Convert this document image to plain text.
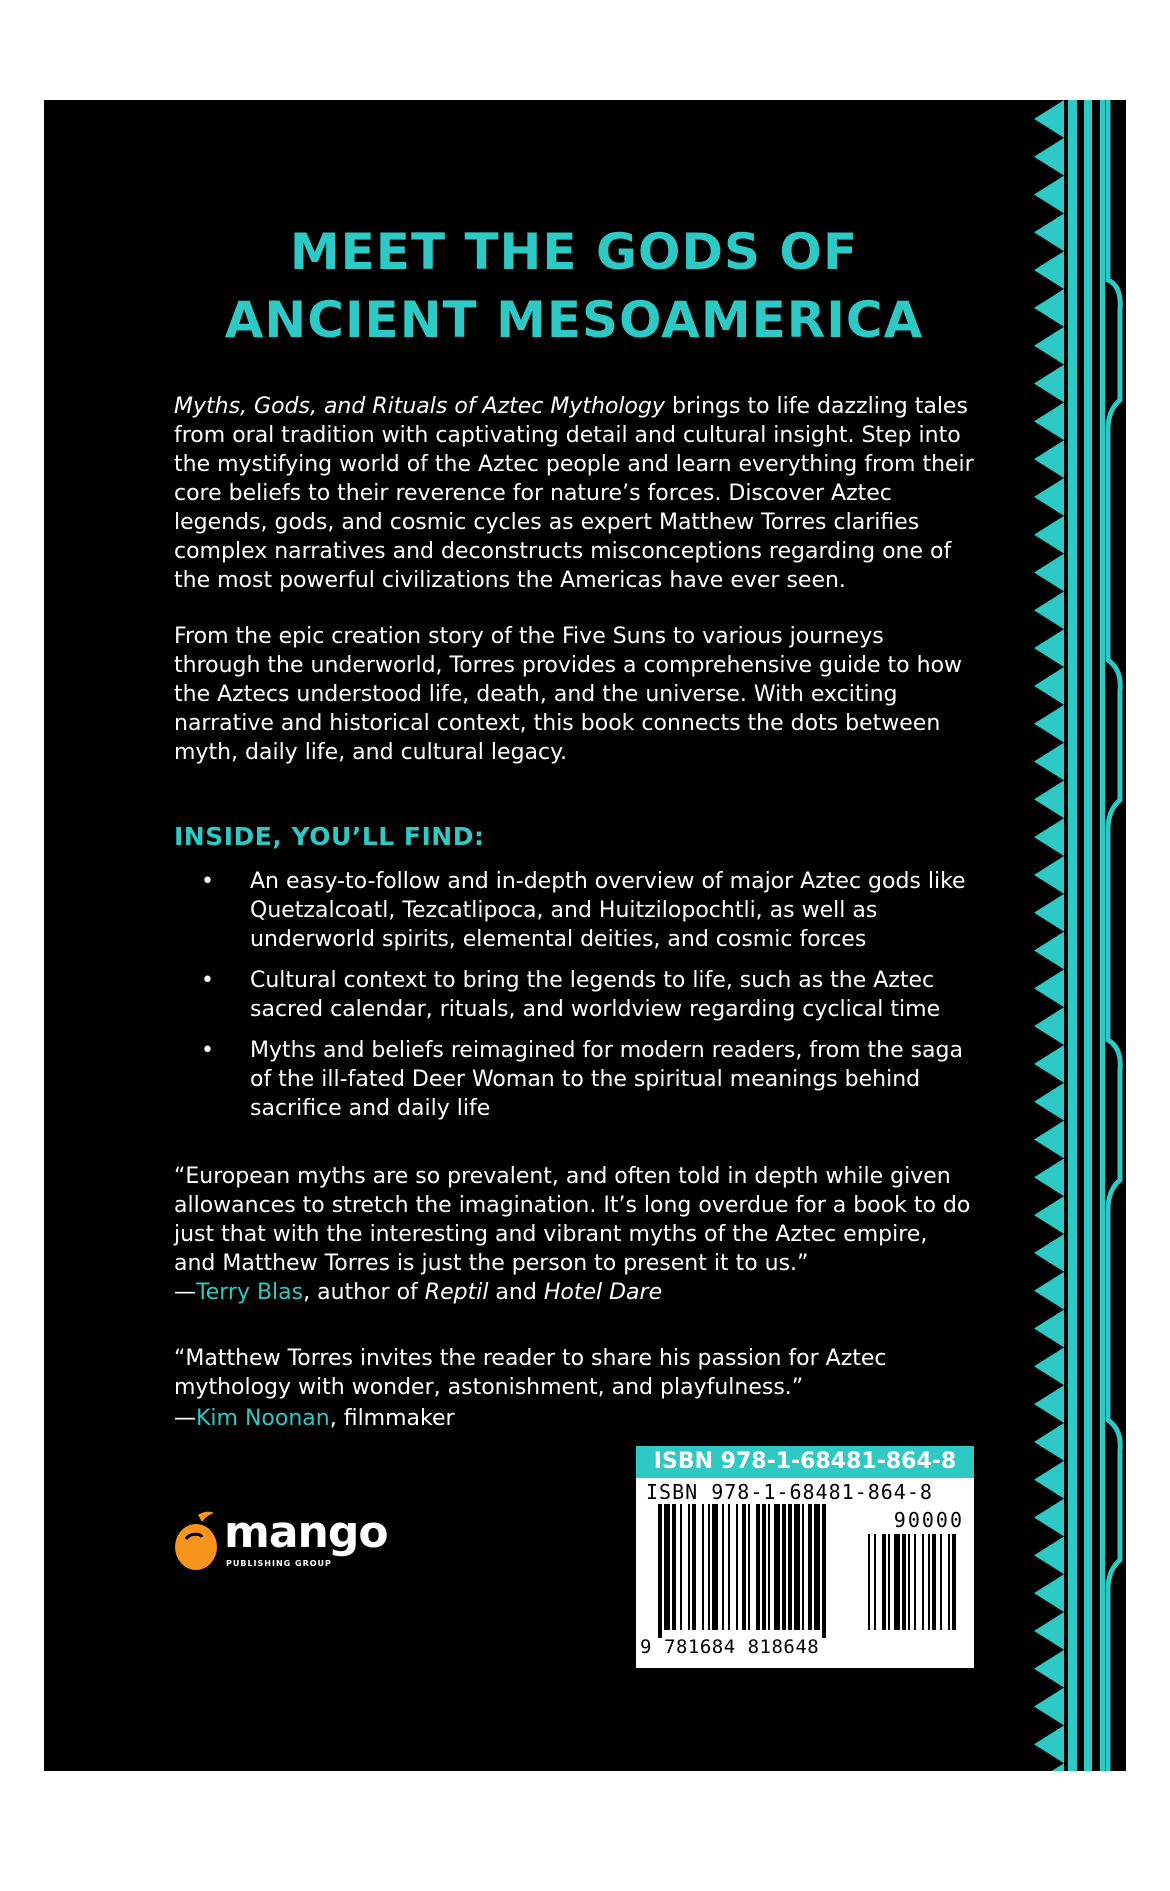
MEET THE GODS OF
ANCIENT MESOAMERICA

Myths, Gods, and Rituals of Aztec Mythology brings to life dazzling tales from oral tradition with captivating detail and cultural insight. Step into the mystifying world of the Aztec people and learn everything from their core beliefs to their reverence for nature’s forces. Discover Aztec legends, gods, and cosmic cycles as expert Matthew Torres clarifies complex narratives and deconstructs misconceptions regarding one of the most powerful civilizations the Americas have ever seen.

From the epic creation story of the Five Suns to various journeys through the underworld, Torres provides a comprehensive guide to how the Aztecs understood life, death, and the universe. With exciting narrative and historical context, this book connects the dots between myth, daily life, and cultural legacy.

INSIDE, YOU’LL FIND:
• An easy-to-follow and in-depth overview of major Aztec gods like Quetzalcoatl, Tezcatlipoca, and Huitzilopochtli, as well as underworld spirits, elemental deities, and cosmic forces
• Cultural context to bring the legends to life, such as the Aztec sacred calendar, rituals, and worldview regarding cyclical time
• Myths and beliefs reimagined for modern readers, from the saga of the ill-fated Deer Woman to the spiritual meanings behind sacrifice and daily life

“European myths are so prevalent, and often told in depth while given allowances to stretch the imagination. It’s long overdue for a book to do just that with the interesting and vibrant myths of the Aztec empire, and Matthew Torres is just the person to present it to us.”

—Terry Blas, author of Reptil and Hotel Dare

“Matthew Torres invites the reader to share his passion for Aztec mythology with wonder, astonishment, and playfulness.”

—Kim Noonan, filmmaker
mango
PUBLISHING GROUP
ISBN 978-1-68481-864-8
ISBN 978-1-68481-864-8
90000
9 781684 818648
